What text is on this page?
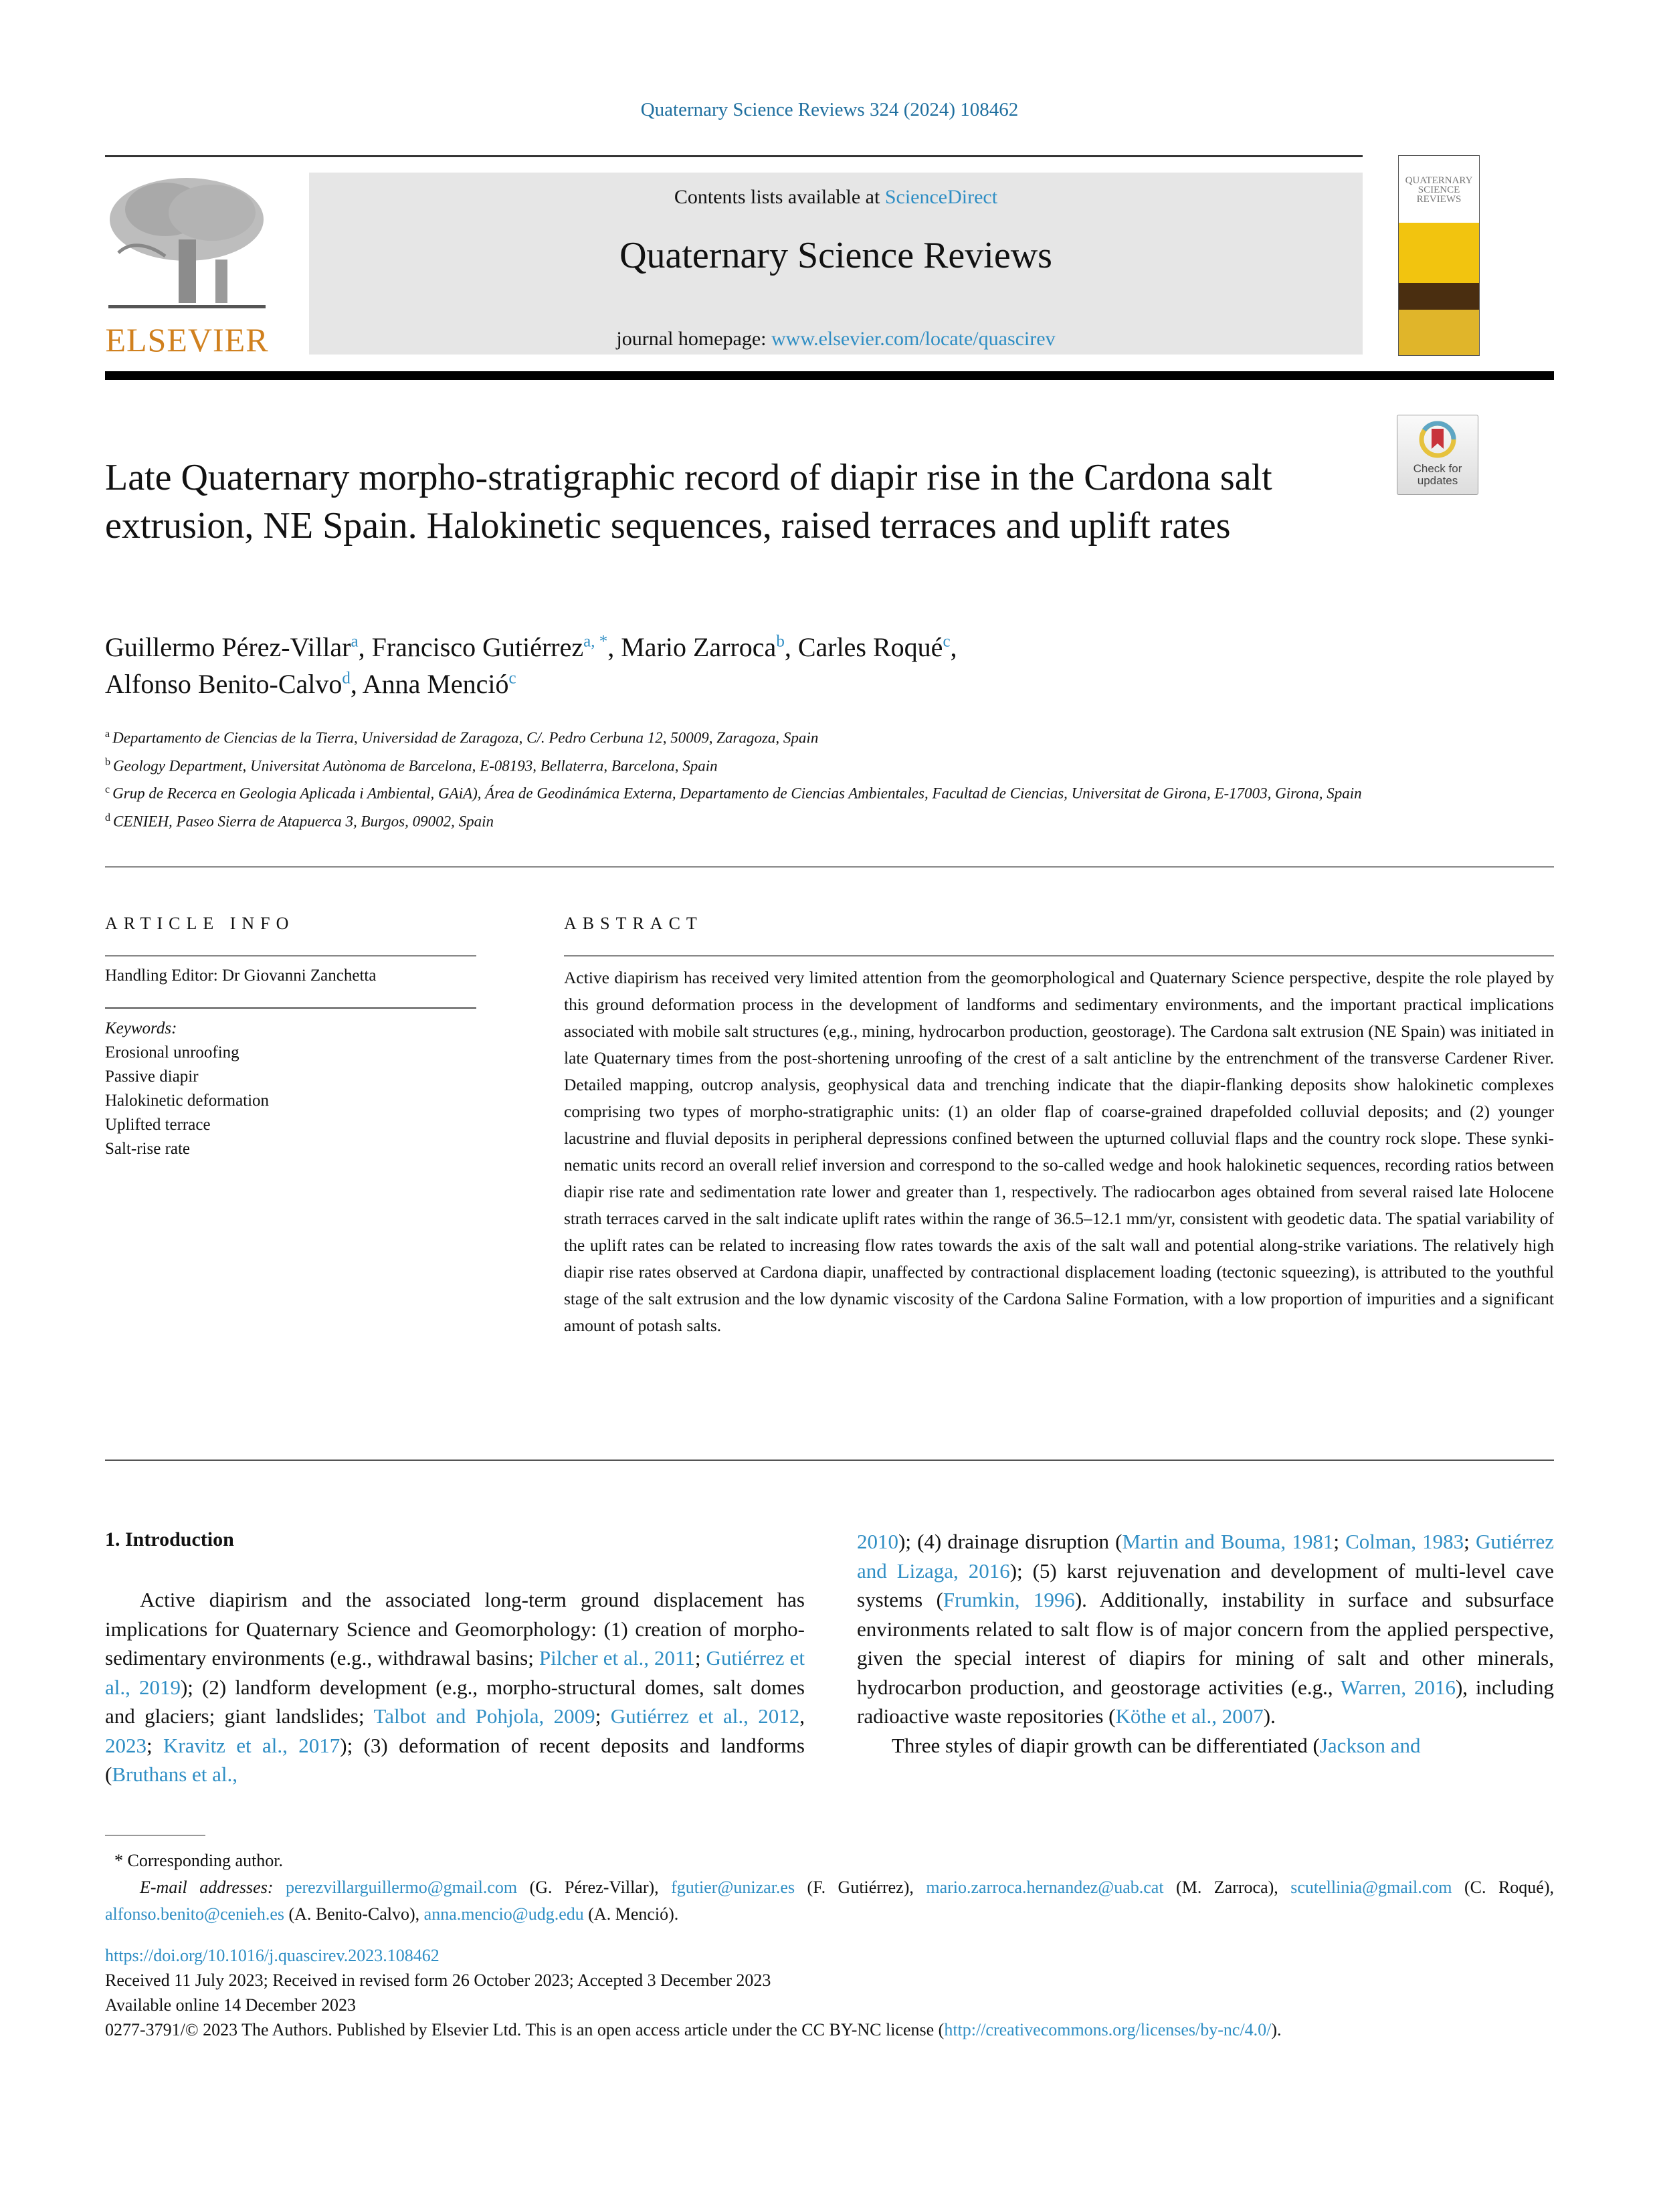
Quaternary Science Reviews 324 (2024) 108462
ELSEVIER
Contents lists available at ScienceDirect
Quaternary Science Reviews
journal homepage: www.elsevier.com/locate/quascirev
QUATERNARY SCIENCE REVIEWS
Check for
updates
Late Quaternary morpho-stratigraphic record of diapir rise in the Cardona salt extrusion, NE Spain. Halokinetic sequences, raised terraces and uplift rates
Guillermo Pérez-Villar$^a$, Francisco Gutiérrez$^{a, *}$, Mario Zarroca$^b$, Carles Roqué$^c$,
Alfonso Benito-Calvo$^d$, Anna Menció$^c$
$^a$ Departamento de Ciencias de la Tierra, Universidad de Zaragoza, C/. Pedro Cerbuna 12, 50009, Zaragoza, Spain
$^b$ Geology Department, Universitat Autònoma de Barcelona, E-08193, Bellaterra, Barcelona, Spain
$^c$ Grup de Recerca en Geologia Aplicada i Ambiental, GAiA), Área de Geodinámica Externa, Departamento de Ciencias Ambientales, Facultad de Ciencias, Universitat de Girona, E-17003, Girona, Spain
$^d$ CENIEH, Paseo Sierra de Atapuerca 3, Burgos, 09002, Spain
ARTICLE INFO	ABSTRACT
Handling Editor: Dr Giovanni Zanchetta
Keywords:
Erosional unroofing
Passive diapir
Halokinetic deformation
Uplifted terrace
Salt-rise rate
Active diapirism has received very limited attention from the geomorphological and Quaternary Science perspective, despite the role played by this ground deformation process in the development of landforms and sedimentary environments, and the important practical implications associated with mobile salt structures (e,g., mining, hydrocarbon production, geostorage). The Cardona salt extrusion (NE Spain) was initiated in late Quaternary times from the post-shortening unroofing of the crest of a salt anticline by the entrenchment of the transverse Cardener River. Detailed mapping, outcrop analysis, geophysical data and trenching indicate that the diapir-flanking deposits show halokinetic complexes comprising two types of morpho-stratigraphic units: (1) an older flap of coarse-grained drapefolded colluvial deposits; and (2) younger lacustrine and fluvial deposits in peripheral depressions confined between the upturned colluvial flaps and the country rock slope. These synkinematic units record an overall relief inversion and correspond to the so-called wedge and hook halokinetic sequences, recording ratios between diapir rise rate and sedimentation rate lower and greater than 1, respectively. The radiocarbon ages obtained from several raised late Holocene strath terraces carved in the salt indicate uplift rates within the range of 36.5–12.1 mm/yr, consistent with geodetic data. The spatial variability of the uplift rates can be related to increasing flow rates towards the axis of the salt wall and potential along-strike variations. The relatively high diapir rise rates observed at Cardona diapir, unaffected by contractional displacement loading (tectonic squeezing), is attributed to the youthful stage of the salt extrusion and the low dynamic viscosity of the Cardona Saline Formation, with a low proportion of impurities and a significant amount of potash salts.
1. Introduction
Active diapirism and the associated long-term ground displacement has implications for Quaternary Science and Geomorphology: (1) creation of morpho-sedimentary environments (e.g., withdrawal basins; Pilcher et al., 2011; Gutiérrez et al., 2019); (2) landform development (e.g., morpho-structural domes, salt domes and glaciers; giant landslides; Talbot and Pohjola, 2009; Gutiérrez et al., 2012, 2023; Kravitz et al., 2017); (3) deformation of recent deposits and landforms (Bruthans et al.,
2010); (4) drainage disruption (Martin and Bouma, 1981; Colman, 1983; Gutiérrez and Lizaga, 2016); (5) karst rejuvenation and development of multi-level cave systems (Frumkin, 1996). Additionally, instability in surface and subsurface environments related to salt flow is of major concern from the applied perspective, given the special interest of diapirs for mining of salt and other minerals, hydrocarbon production, and geostorage activities (e.g., Warren, 2016), including radioactive waste repositories (Köthe et al., 2007).
Three styles of diapir growth can be differentiated (Jackson and
* Corresponding author.
E-mail addresses: perezvillarguillermo@gmail.com (G. Pérez-Villar), fgutier@unizar.es (F. Gutiérrez), mario.zarroca.hernandez@uab.cat (M. Zarroca), scutellinia@gmail.com (C. Roqué), alfonso.benito@cenieh.es (A. Benito-Calvo), anna.mencio@udg.edu (A. Menció).
https://doi.org/10.1016/j.quascirev.2023.108462
Received 11 July 2023; Received in revised form 26 October 2023; Accepted 3 December 2023
Available online 14 December 2023
0277-3791/© 2023 The Authors. Published by Elsevier Ltd. This is an open access article under the CC BY-NC license (http://creativecommons.org/licenses/by-nc/4.0/).
